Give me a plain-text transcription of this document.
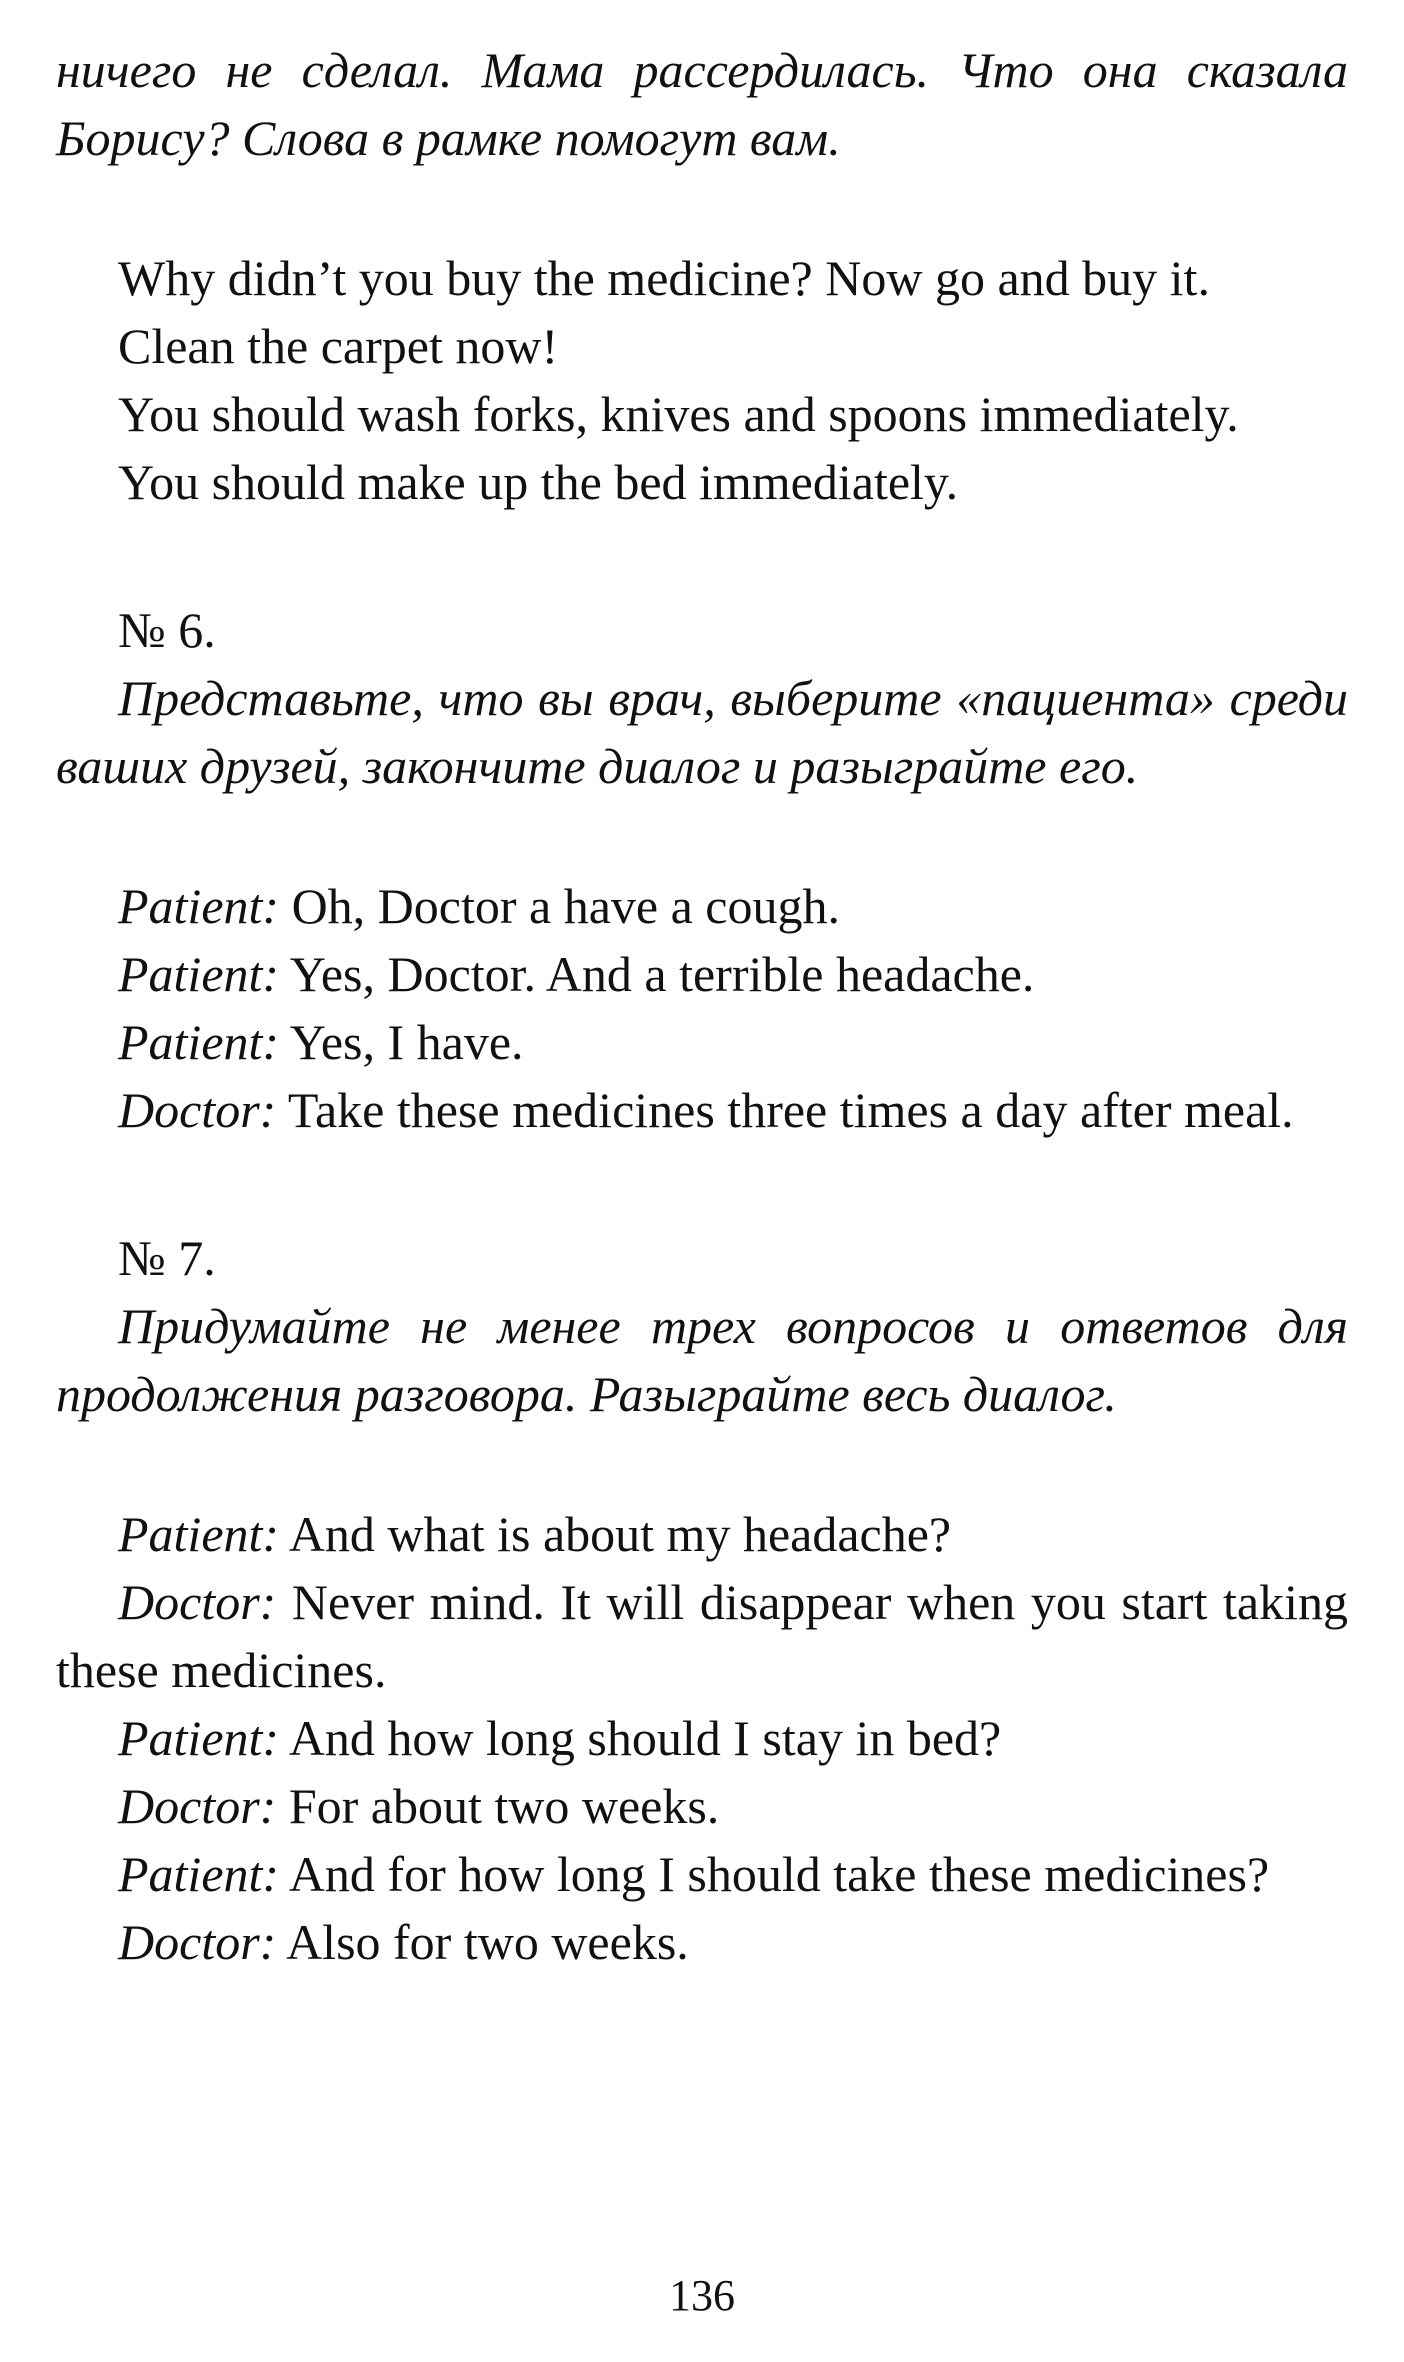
ничего не сделал. Мама рассердилась. Что она сказала Борису? Слова в рамке помогут вам.

Why didn’t you buy the medicine? Now go and buy it.

Clean the carpet now!

You should wash forks, knives and spoons immediately.

You should make up the bed immediately.

№ 6.

Представьте, что вы врач, выберите «пациента» среди ваших друзей, закончите диалог и разыграйте его.

Patient: Oh, Doctor a have a cough.

Patient: Yes, Doctor. And a terrible headache.

Patient: Yes, I have.

Doctor: Take these medicines three times a day after meal.

№ 7.

Придумайте не менее трех вопросов и ответов для продолжения разговора. Разыграйте весь диалог.

Patient: And what is about my headache?

Doctor: Never mind. It will disappear when you start taking these medicines.

Patient: And how long should I stay in bed?

Doctor: For about two weeks.

Patient: And for how long I should take these medicines?

Doctor: Also for two weeks.

136
